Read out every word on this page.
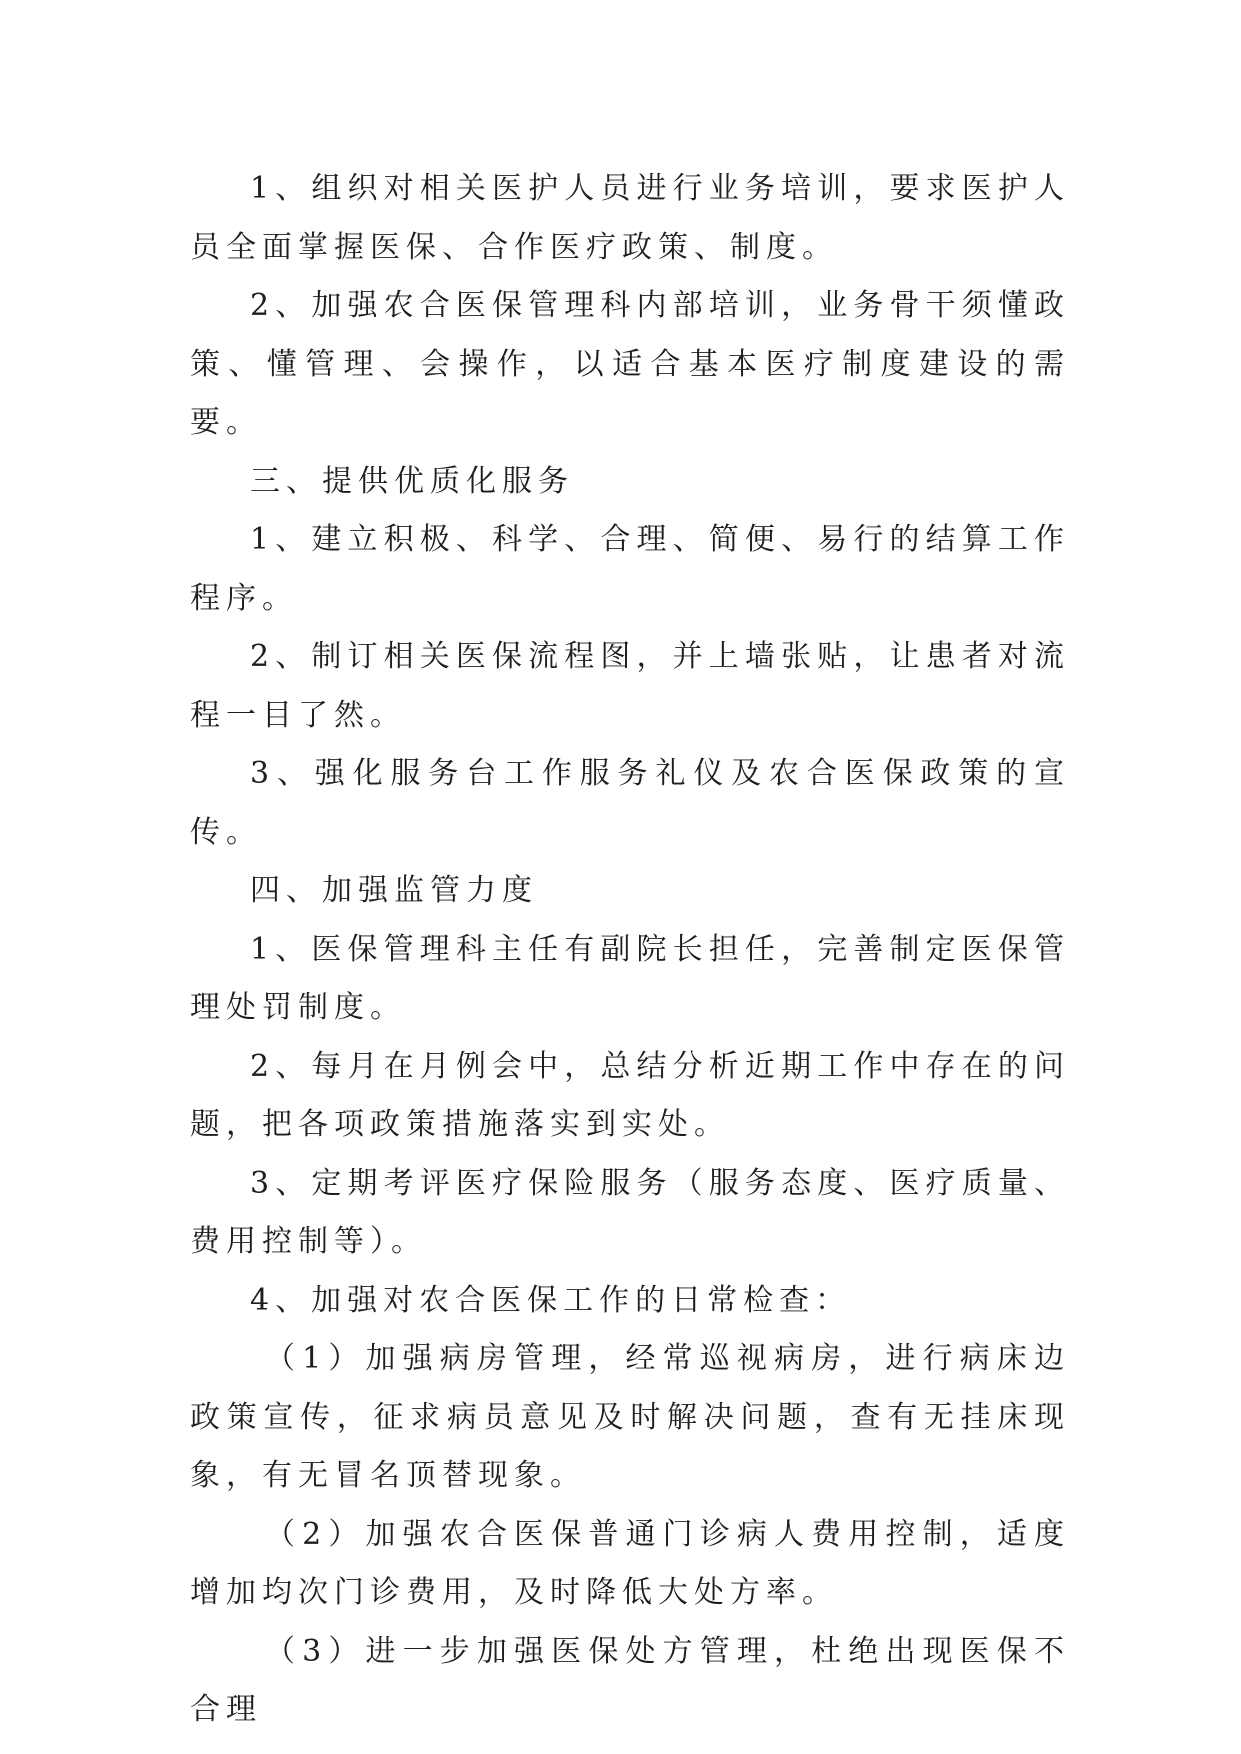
1、组织对相关医护人员进行业务培训，要求医护人员全面掌握医保、合作医疗政策、制度。

2、加强农合医保管理科内部培训，业务骨干须懂政策、懂管理、会操作，以适合基本医疗制度建设的需要。

三、提供优质化服务

1、建立积极、科学、合理、简便、易行的结算工作程序。

2、制订相关医保流程图，并上墙张贴，让患者对流程一目了然。

3、强化服务台工作服务礼仪及农合医保政策的宣传。

四、加强监管力度

1、医保管理科主任有副院长担任，完善制定医保管理处罚制度。

2、每月在月例会中，总结分析近期工作中存在的问题，把各项政策措施落实到实处。

3、定期考评医疗保险服务（服务态度、医疗质量、费用控制等）。

4、加强对农合医保工作的日常检查：

（1）加强病房管理，经常巡视病房，进行病床边政策宣传，征求病员意见及时解决问题，查有无挂床现象，有无冒名顶替现象。

（2）加强农合医保普通门诊病人费用控制，适度增加均次门诊费用，及时降低大处方率。

（3）进一步加强医保处方管理，杜绝出现医保不合理
